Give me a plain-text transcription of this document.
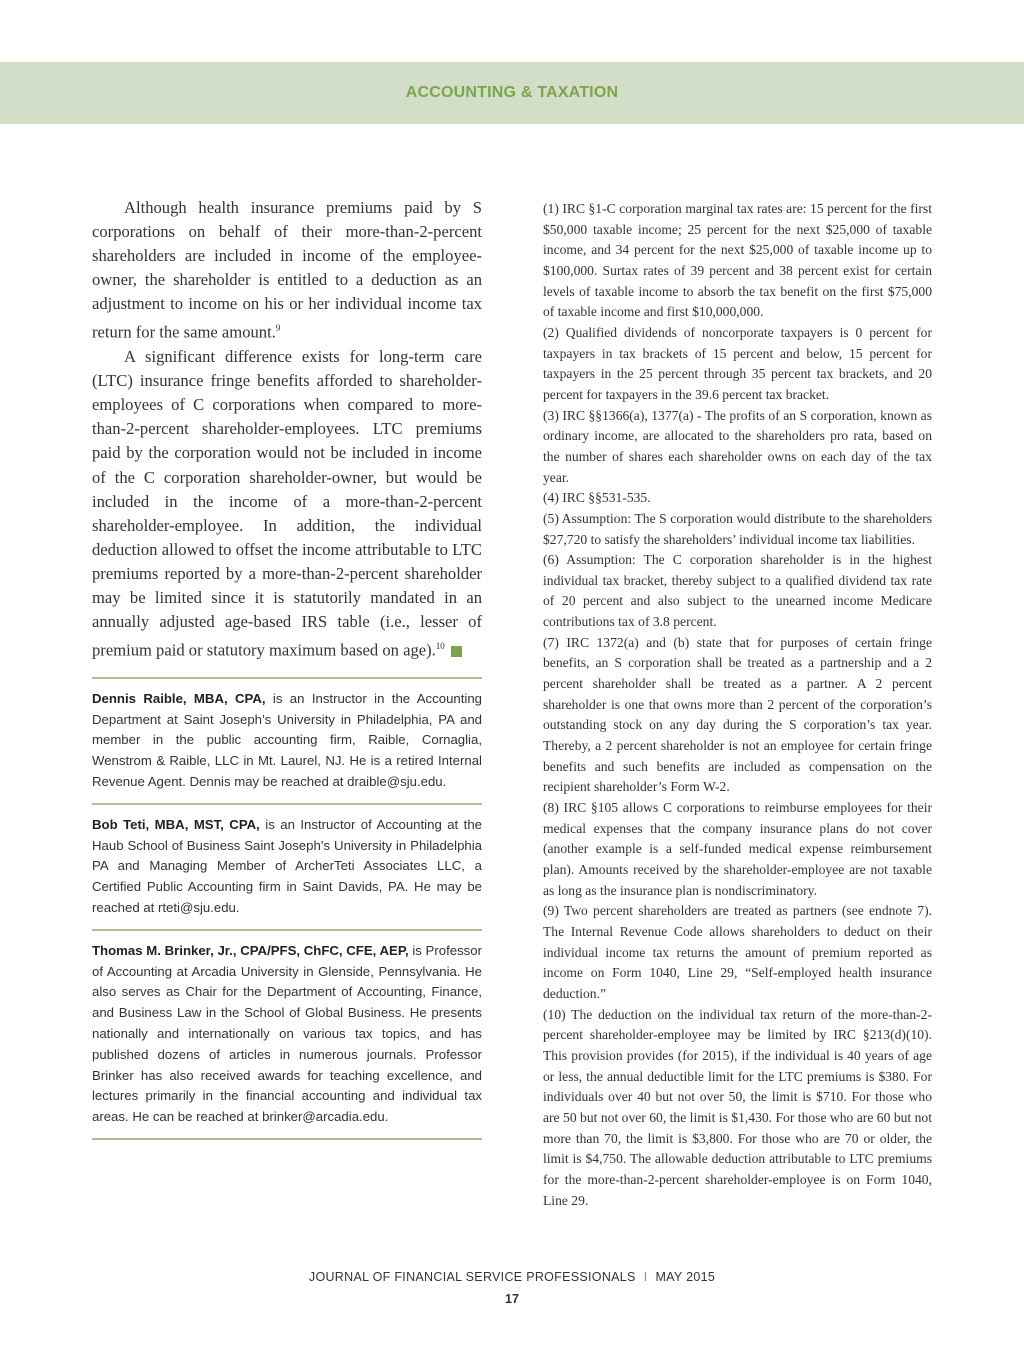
ACCOUNTING & TAXATION

Although health insurance premiums paid by S corporations on behalf of their more-than-2-percent shareholders are included in income of the employee-owner, the shareholder is entitled to a deduction as an adjustment to income on his or her individual income tax return for the same amount.$^9$

A significant difference exists for long-term care (LTC) insurance fringe benefits afforded to shareholder-employees of C corporations when compared to more-than-2-percent shareholder-employees. LTC premiums paid by the corporation would not be included in income of the C corporation shareholder-owner, but would be included in the income of a more-than-2-percent shareholder-employee. In addition, the individual deduction allowed to offset the income attributable to LTC premiums reported by a more-than-2-percent shareholder may be limited since it is statutorily mandated in an annually adjusted age-based IRS table (i.e., lesser of premium paid or statutory maximum based on age).$^{10}$

Dennis Raible, MBA, CPA, is an Instructor in the Accounting Department at Saint Joseph’s University in Philadelphia, PA and member in the public accounting firm, Raible, Cornaglia, Wenstrom & Raible, LLC in Mt. Laurel, NJ. He is a retired Internal Revenue Agent. Dennis may be reached at draible@sju.edu.
Bob Teti, MBA, MST, CPA, is an Instructor of Accounting at the Haub School of Business Saint Joseph’s University in Philadelphia PA and Managing Member of ArcherTeti Associates LLC, a Certified Public Accounting firm in Saint Davids, PA. He may be reached at rteti@sju.edu.
Thomas M. Brinker, Jr., CPA/PFS, ChFC, CFE, AEP, is Professor of Accounting at Arcadia University in Glenside, Pennsylvania. He also serves as Chair for the Department of Accounting, Finance, and Business Law in the School of Global Business. He presents nationally and internationally on various tax topics, and has published dozens of articles in numerous journals. Professor Brinker has also received awards for teaching excellence, and lectures primarily in the financial accounting and individual tax areas. He can be reached at brinker@arcadia.edu.

(1) IRC §1-C corporation marginal tax rates are: 15 percent for the first $50,000 taxable income; 25 percent for the next $25,000 of taxable income, and 34 percent for the next $25,000 of taxable income up to $100,000. Surtax rates of 39 percent and 38 percent exist for certain levels of taxable income to absorb the tax benefit on the first $75,000 of taxable income and first $10,000,000.

(2) Qualified dividends of noncorporate taxpayers is 0 percent for taxpayers in tax brackets of 15 percent and below, 15 percent for taxpayers in the 25 percent through 35 percent tax brackets, and 20 percent for taxpayers in the 39.6 percent tax bracket.

(3) IRC §§1366(a), 1377(a) - The profits of an S corporation, known as ordinary income, are allocated to the shareholders pro rata, based on the number of shares each shareholder owns on each day of the tax year.

(4) IRC §§531-535.

(5) Assumption: The S corporation would distribute to the shareholders $27,720 to satisfy the shareholders’ individual income tax liabilities.

(6) Assumption: The C corporation shareholder is in the highest individual tax bracket, thereby subject to a qualified dividend tax rate of 20 percent and also subject to the unearned income Medicare contributions tax of 3.8 percent.

(7) IRC 1372(a) and (b) state that for purposes of certain fringe benefits, an S corporation shall be treated as a partnership and a 2 percent shareholder shall be treated as a partner. A 2 percent shareholder is one that owns more than 2 percent of the corporation’s outstanding stock on any day during the S corporation’s tax year. Thereby, a 2 percent shareholder is not an employee for certain fringe benefits and such benefits are included as compensation on the recipient shareholder’s Form W-2.

(8) IRC §105 allows C corporations to reimburse employees for their medical expenses that the company insurance plans do not cover (another example is a self-funded medical expense reimbursement plan). Amounts received by the shareholder-employee are not taxable as long as the insurance plan is nondiscriminatory.

(9) Two percent shareholders are treated as partners (see endnote 7). The Internal Revenue Code allows shareholders to deduct on their individual income tax returns the amount of premium reported as income on Form 1040, Line 29, “Self-employed health insurance deduction.”

(10) The deduction on the individual tax return of the more-than-2-percent shareholder-employee may be limited by IRC §213(d)(10). This provision provides (for 2015), if the individual is 40 years of age or less, the annual deductible limit for the LTC premiums is $380. For individuals over 40 but not over 50, the limit is $710. For those who are 50 but not over 60, the limit is $1,430. For those who are 60 but not more than 70, the limit is $3,800. For those who are 70 or older, the limit is $4,750. The allowable deduction attributable to LTC premiums for the more-than-2-percent shareholder-employee is on Form 1040, Line 29.

JOURNAL OF FINANCIAL SERVICE PROFESSIONALS I MAY 2015
17
